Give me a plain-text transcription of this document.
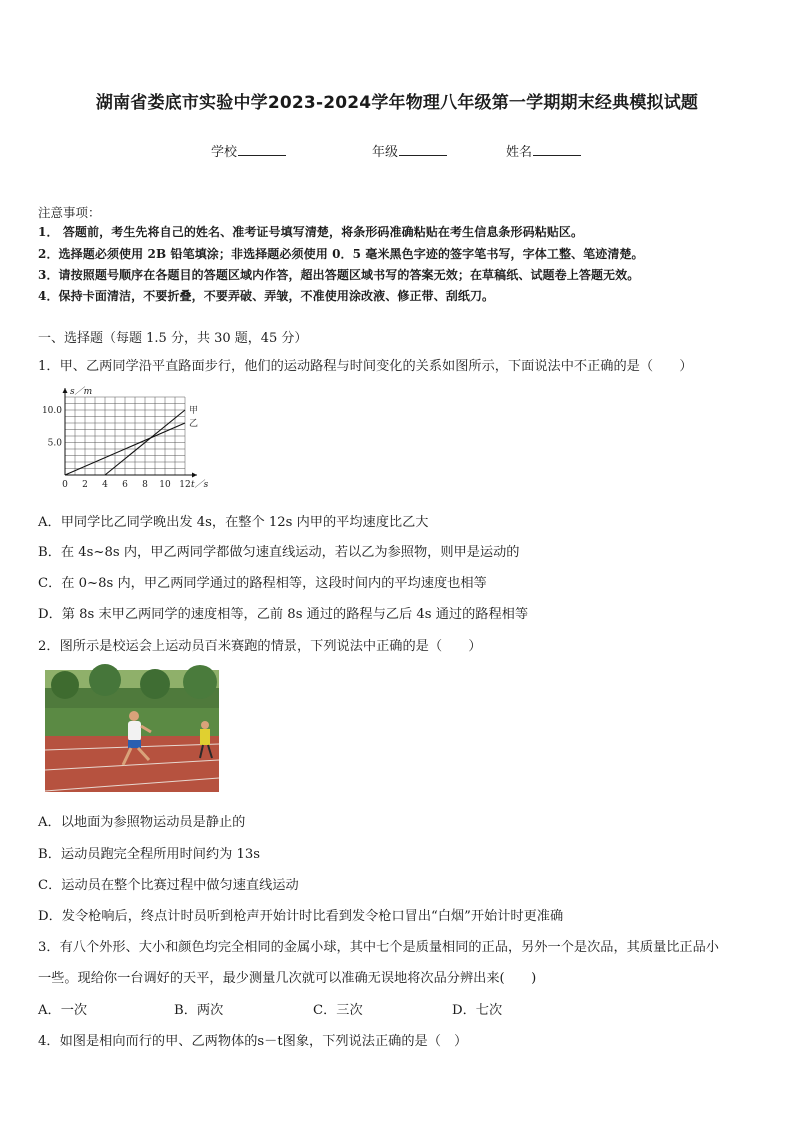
湖南省娄底市实验中学2023-2024学年物理八年级第一学期期末经典模拟试题
学校	年级	姓名
注意事项：
1． 答题前，考生先将自己的姓名、准考证号填写清楚，将条形码准确粘贴在考生信息条形码粘贴区。
2．选择题必须使用 2B 铅笔填涂；非选择题必须使用 0．5 毫米黑色字迹的签字笔书写，字体工整、笔迹清楚。
3．请按照题号顺序在各题目的答题区域内作答，超出答题区域书写的答案无效；在草稿纸、试题卷上答题无效。
4．保持卡面清洁，不要折叠，不要弄破、弄皱，不准使用涂改液、修正带、刮纸刀。
一、选择题（每题 1.5 分，共 30 题，45 分）
1．甲、乙两同学沿平直路面步行，他们的运动路程与时间变化的关系如图所示，下面说法中不正确的是（　　）
甲
乙
0 2 4 6 8 10 12
5.0
10.0
t／s
s／m
A．甲同学比乙同学晚出发 4s，在整个 12s 内甲的平均速度比乙大
B．在 4s~8s 内，甲乙两同学都做匀速直线运动，若以乙为参照物，则甲是运动的
C．在 0~8s 内，甲乙两同学通过的路程相等，这段时间内的平均速度也相等
D．第 8s 末甲乙两同学的速度相等，乙前 8s 通过的路程与乙后 4s 通过的路程相等
2．图所示是校运会上运动员百米赛跑的情景，下列说法中正确的是（　　）
A．以地面为参照物运动员是静止的
B．运动员跑完全程所用时间约为 13s
C．运动员在整个比赛过程中做匀速直线运动
D．发令枪响后，终点计时员听到枪声开始计时比看到发令枪口冒出“白烟”开始计时更准确
3．有八个外形、大小和颜色均完全相同的金属小球，其中七个是质量相同的正品，另外一个是次品，其质量比正品小
一些。现给你一台调好的天平，最少测量几次就可以准确无误地将次品分辨出来(　　)
A．一次	B．两次	C．三次	D．七次
4．如图是相向而行的甲、乙两物体的s－t图象，下列说法正确的是（　）
